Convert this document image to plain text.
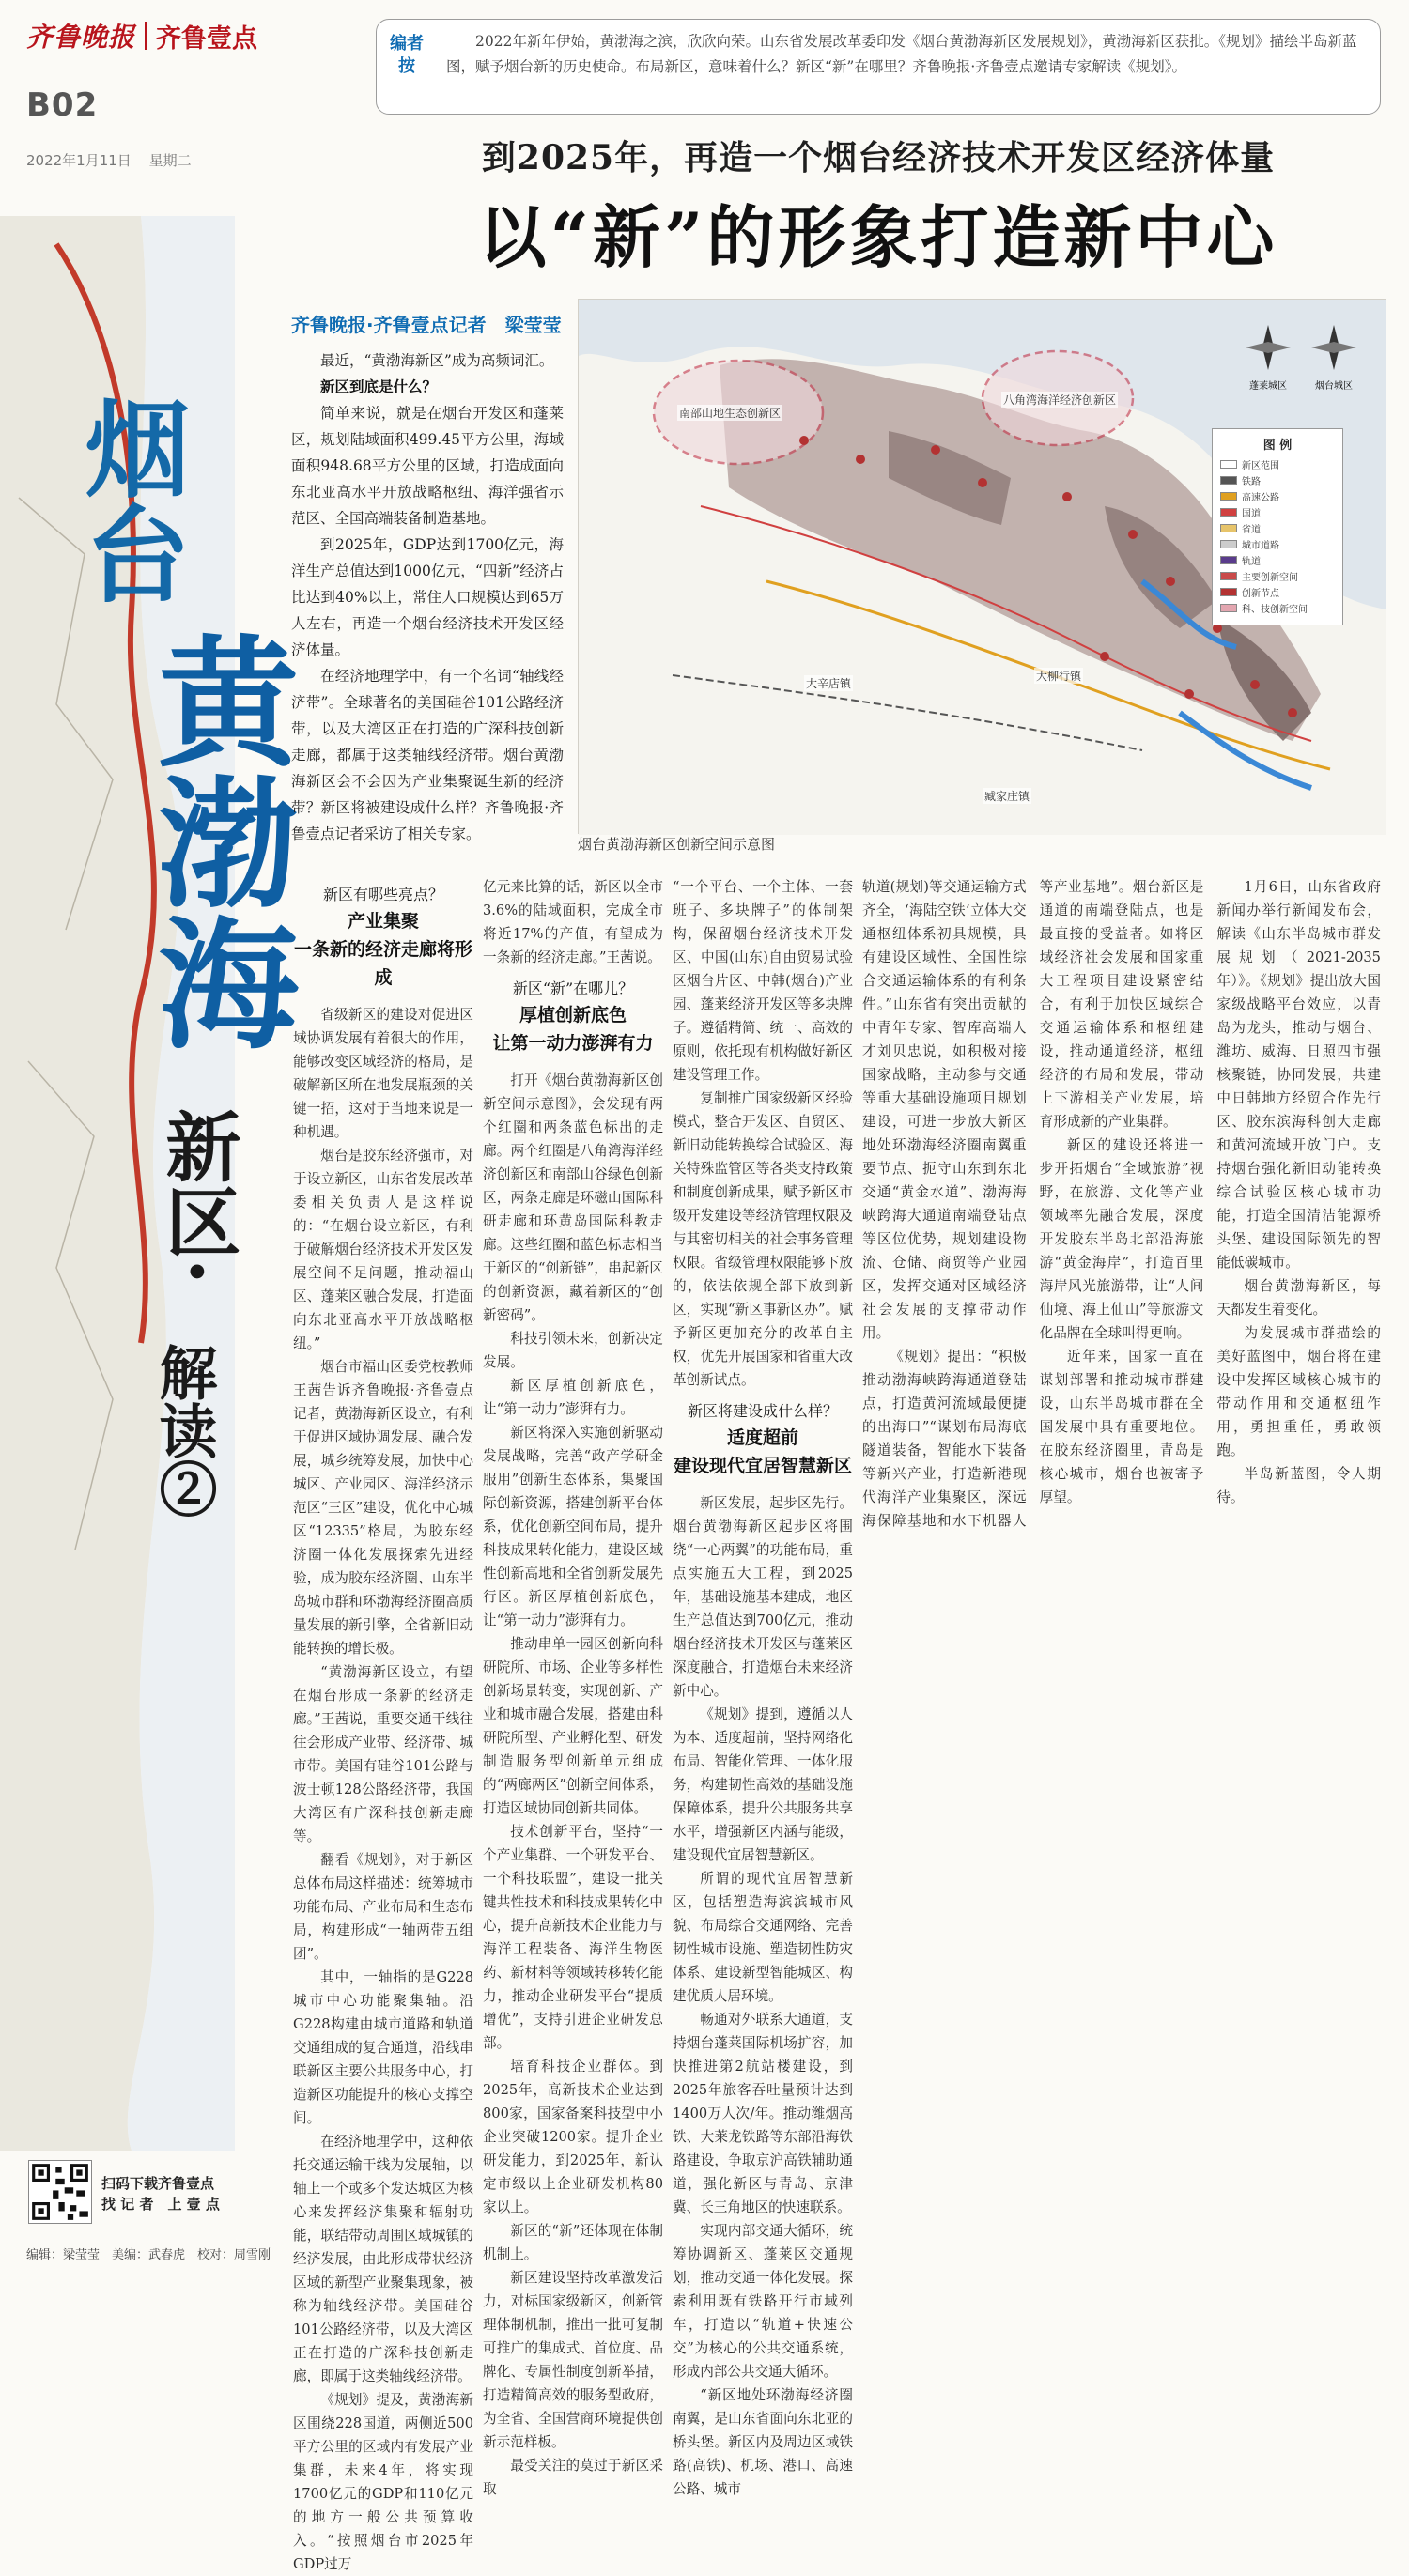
齐鲁晚报 齐鲁壹点
B02
2022年1月11日 星期二
编者按
2022年新年伊始，黄渤海之滨，欣欣向荣。山东省发展改革委印发《烟台黄渤海新区发展规划》，黄渤海新区获批。《规划》描绘半岛新蓝图，赋予烟台新的历史使命。布局新区，意味着什么？新区“新”在哪里？齐鲁晚报·齐鲁壹点邀请专家解读《规划》。
到2025年，再造一个烟台经济技术开发区经济体量
以“新”的形象打造新中心
烟台
黄渤海
新区·
解读②
齐鲁晚报·齐鲁壹点记者　梁莹莹

最近，“黄渤海新区”成为高频词汇。

新区到底是什么？

简单来说，就是在烟台开发区和蓬莱区，规划陆域面积499.45平方公里，海域面积948.68平方公里的区域，打造成面向东北亚高水平开放战略枢纽、海洋强省示范区、全国高端装备制造基地。

到2025年，GDP达到1700亿元，海洋生产总值达到1000亿元，“四新”经济占比达到40%以上，常住人口规模达到65万人左右，再造一个烟台经济技术开发区经济体量。

在经济地理学中，有一个名词“轴线经济带”。全球著名的美国硅谷101公路经济带，以及大湾区正在打造的广深科技创新走廊，都属于这类轴线经济带。烟台黄渤海新区会不会因为产业集聚诞生新的经济带？新区将被建设成什么样？齐鲁晚报·齐鲁壹点记者采访了相关专家。

南部山地生态创新区
八角湾海洋经济创新区
大辛店镇
大柳行镇
臧家庄镇
蓬莱城区	烟台城区
图 例
新区范围
铁路
高速公路
国道
省道
城市道路
轨道
主要创新空间
创新节点
科、技创新空间
烟台黄渤海新区创新空间示意图
新区有哪些亮点？
产业集聚
一条新的经济走廊将形成

省级新区的建设对促进区域协调发展有着很大的作用，能够改变区域经济的格局，是破解新区所在地发展瓶颈的关键一招，这对于当地来说是一种机遇。

烟台是胶东经济强市，对于设立新区，山东省发展改革委相关负责人是这样说的：“在烟台设立新区，有利于破解烟台经济技术开发区发展空间不足问题，推动福山区、蓬莱区融合发展，打造面向东北亚高水平开放战略枢纽。”

烟台市福山区委党校教师王茜告诉齐鲁晚报·齐鲁壹点记者，黄渤海新区设立，有利于促进区域协调发展、融合发展，城乡统筹发展，加快中心城区、产业园区、海洋经济示范区“三区”建设，优化中心城区“12335”格局，为胶东经济圈一体化发展探索先进经验，成为胶东经济圈、山东半岛城市群和环渤海经济圈高质量发展的新引擎，全省新旧动能转换的增长极。

“黄渤海新区设立，有望在烟台形成一条新的经济走廊。”王茜说，重要交通干线往往会形成产业带、经济带、城市带。美国有硅谷101公路与波士顿128公路经济带，我国大湾区有广深科技创新走廊等。

翻看《规划》，对于新区总体布局这样描述：统筹城市功能布局、产业布局和生态布局，构建形成“一轴两带五组团”。

其中，一轴指的是G228城市中心功能聚集轴。沿G228构建由城市道路和轨道交通组成的复合通道，沿线串联新区主要公共服务中心，打造新区功能提升的核心支撑空间。

在经济地理学中，这种依托交通运输干线为发展轴，以轴上一个或多个发达城区为核心来发挥经济集聚和辐射功能，联结带动周围区域城镇的经济发展，由此形成带状经济区域的新型产业聚集现象，被称为轴线经济带。美国硅谷101公路经济带，以及大湾区正在打造的广深科技创新走廊，即属于这类轴线经济带。

《规划》提及，黄渤海新区围绕228国道，两侧近500平方公里的区域内有发展产业集群，未来4年，将实现1700亿元的GDP和110亿元的地方一般公共预算收入。“按照烟台市2025年GDP过万

亿元来比算的话，新区以全市3.6%的陆域面积，完成全市将近17%的产值，有望成为一条新的经济走廊。”王茜说。

新区“新”在哪儿？
厚植创新底色
让第一动力澎湃有力

打开《烟台黄渤海新区创新空间示意图》，会发现有两个红圈和两条蓝色标出的走廊。两个红圈是八角湾海洋经济创新区和南部山谷绿色创新区，两条走廊是环磁山国际科研走廊和环黄岛国际科教走廊。这些红圈和蓝色标志相当于新区的“创新链”，串起新区的创新资源，藏着新区的“创新密码”。

科技引领未来，创新决定发展。

新区厚植创新底色，让“第一动力”澎湃有力。

新区将深入实施创新驱动发展战略，完善“政产学研金服用”创新生态体系，集聚国际创新资源，搭建创新平台体系，优化创新空间布局，提升科技成果转化能力，建设区域性创新高地和全省创新发展先行区。新区厚植创新底色，让“第一动力”澎湃有力。

推动串单一园区创新向科研院所、市场、企业等多样性创新场景转变，实现创新、产业和城市融合发展，搭建由科研院所型、产业孵化型、研发制造服务型创新单元组成的“两廊两区”创新空间体系，打造区域协同创新共同体。

技术创新平台，坚持“一个产业集群、一个研发平台、一个科技联盟”，建设一批关键共性技术和科技成果转化中心，提升高新技术企业能力与海洋工程装备、海洋生物医药、新材料等领域转移转化能力，推动企业研发平台“提质增优”，支持引进企业研发总部。

培育科技企业群体。到2025年，高新技术企业达到800家，国家备案科技型中小企业突破1200家。提升企业研发能力，到2025年，新认定市级以上企业研发机构80家以上。

新区的“新”还体现在体制机制上。

新区建设坚持改革激发活力，对标国家级新区，创新管理体制机制，推出一批可复制可推广的集成式、首位度、品牌化、专属性制度创新举措，打造精简高效的服务型政府，为全省、全国营商环境提供创新示范样板。

最受关注的莫过于新区采取

“一个平台、一个主体、一套班子、多块牌子”的体制架构，保留烟台经济技术开发区、中国(山东)自由贸易试验区烟台片区、中韩(烟台)产业园、蓬莱经济开发区等多块牌子。遵循精简、统一、高效的原则，依托现有机构做好新区建设管理工作。

复制推广国家级新区经验模式，整合开发区、自贸区、新旧动能转换综合试验区、海关特殊监管区等各类支持政策和制度创新成果，赋予新区市级开发建设等经济管理权限及与其密切相关的社会事务管理权限。省级管理权限能够下放的，依法依规全部下放到新区，实现“新区事新区办”。赋予新区更加充分的改革自主权，优先开展国家和省重大改革创新试点。

新区将建设成什么样？
适度超前
建设现代宜居智慧新区

新区发展，起步区先行。烟台黄渤海新区起步区将围绕“一心两翼”的功能布局，重点实施五大工程，到2025年，基础设施基本建成，地区生产总值达到700亿元，推动烟台经济技术开发区与蓬莱区深度融合，打造烟台未来经济新中心。

《规划》提到，遵循以人为本、适度超前，坚持网络化布局、智能化管理、一体化服务，构建韧性高效的基础设施保障体系，提升公共服务共享水平，增强新区内涵与能级，建设现代宜居智慧新区。

所谓的现代宜居智慧新区，包括塑造海滨滨城市风貌、布局综合交通网络、完善韧性城市设施、塑造韧性防灾体系、建设新型智能城区、构建优质人居环境。

畅通对外联系大通道，支持烟台蓬莱国际机场扩容，加快推进第2航站楼建设，到2025年旅客吞吐量预计达到1400万人次/年。推动潍烟高铁、大莱龙铁路等东部沿海铁路建设，争取京沪高铁辅助通道，强化新区与青岛、京津冀、长三角地区的快速联系。

实现内部交通大循环，统筹协调新区、蓬莱区交通规划，推动交通一体化发展。探索利用既有铁路开行市域列车，打造以“轨道+快速公交”为核心的公共交通系统，形成内部公共交通大循环。

“新区地处环渤海经济圈南翼，是山东省面向东北亚的桥头堡。新区内及周边区域铁路(高铁)、机场、港口、高速公路、城市

轨道(规划)等交通运输方式齐全，‘海陆空铁’立体大交通枢纽体系初具规模，具有建设区域性、全国性综合交通运输体系的有利条件。”山东省有突出贡献的中青年专家、智库高端人才刘贝忠说，如积极对接国家战略，主动参与交通等重大基础设施项目规划建设，可进一步放大新区地处环渤海经济圈南翼重要节点、扼守山东到东北交通“黄金水道”、渤海海峡跨海大通道南端登陆点等区位优势，规划建设物流、仓储、商贸等产业园区，发挥交通对区域经济社会发展的支撑带动作用。

《规划》提出：“积极推动渤海峡跨海通道登陆点，打造黄河流域最便捷的出海口”“谋划布局海底隧道装备，智能水下装备等新兴产业，打造新港现代海洋产业集聚区，深远海保障基地和水下机器人等产业基地”。烟台新区是通道的南端登陆点，也是最直接的受益者。如将区域经济社会发展和国家重大工程项目建设紧密结合，有利于加快区域综合交通运输体系和枢纽建设，推动通道经济，枢纽经济的布局和发展，带动上下游相关产业发展，培育形成新的产业集群。

新区的建设还将进一步开拓烟台“全域旅游”视野，在旅游、文化等产业领域率先融合发展，深度开发胶东半岛北部沿海旅游“黄金海岸”，打造百里海岸风光旅游带，让“人间仙境、海上仙山”等旅游文化品牌在全球叫得更响。

近年来，国家一直在谋划部署和推动城市群建设，山东半岛城市群在全国发展中具有重要地位。在胶东经济圈里，青岛是核心城市，烟台也被寄予厚望。

1月6日，山东省政府新闻办举行新闻发布会，解读《山东半岛城市群发展规划（2021-2035年）》。《规划》提出放大国家级战略平台效应，以青岛为龙头，推动与烟台、潍坊、威海、日照四市强核聚链，协同发展，共建中日韩地方经贸合作先行区、胶东滨海科创大走廊和黄河流域开放门户。支持烟台强化新旧动能转换综合试验区核心城市功能，打造全国清洁能源桥头堡、建设国际领先的智能低碳城市。

烟台黄渤海新区，每天都发生着变化。

为发展城市群描绘的美好蓝图中，烟台将在建设中发挥区域核心城市的带动作用和交通枢纽作用，勇担重任，勇敢领跑。

半岛新蓝图，令人期待。

扫码下载齐鲁壹点
找 记 者　上 壹 点
编辑：梁莹莹　美编：武春虎　校对：周雪刚
